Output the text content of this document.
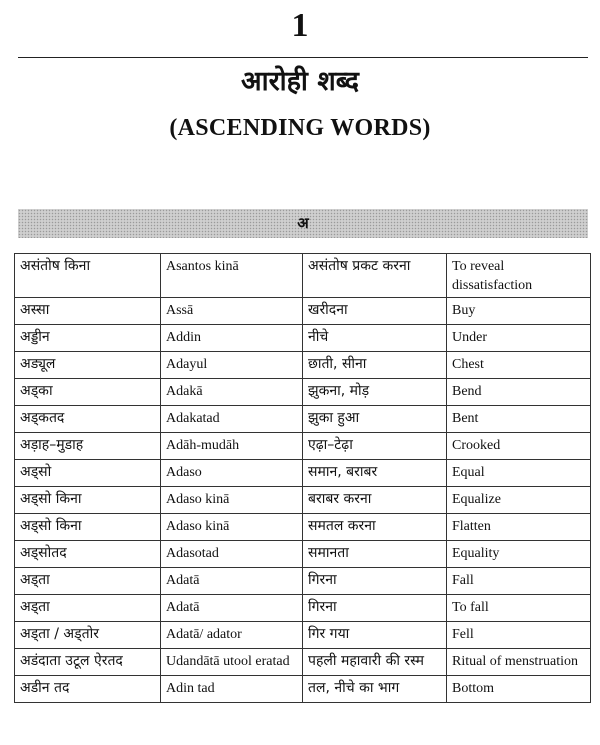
1
आरोही शब्द
(ASCENDING WORDS)
अ
असंतोष किना	Asantos kinā	असंतोष प्रकट करना	To reveal dissatisfaction
अस्सा	Assā	खरीदना	Buy
अड्डीन	Addin	नीचे	Under
अड्यूल	Adayul	छाती, सीना	Chest
अड्का	Adakā	झुकना, मोड़	Bend
अड्कतद	Adakatad	झुका हुआ	Bent
अड़ाह–मुडाह	Adāh-mudāh	एढ़ा–टेढ़ा	Crooked
अड्सो	Adaso	समान, बराबर	Equal
अड्सो किना	Adaso kinā	बराबर करना	Equalize
अड्सो किना	Adaso kinā	समतल करना	Flatten
अड्सोतद	Adasotad	समानता	Equality
अड्ता	Adatā	गिरना	Fall
अड्ता	Adatā	गिरना	To fall
अड्ता / अड्तोर	Adatā/ adator	गिर गया	Fell
अडंदाता उटूल ऐरतद	Udandātā utool eratad	पहली महावारी की रस्म	Ritual of menstruation
अडीन तद	Adin tad	तल, नीचे का भाग	Bottom
